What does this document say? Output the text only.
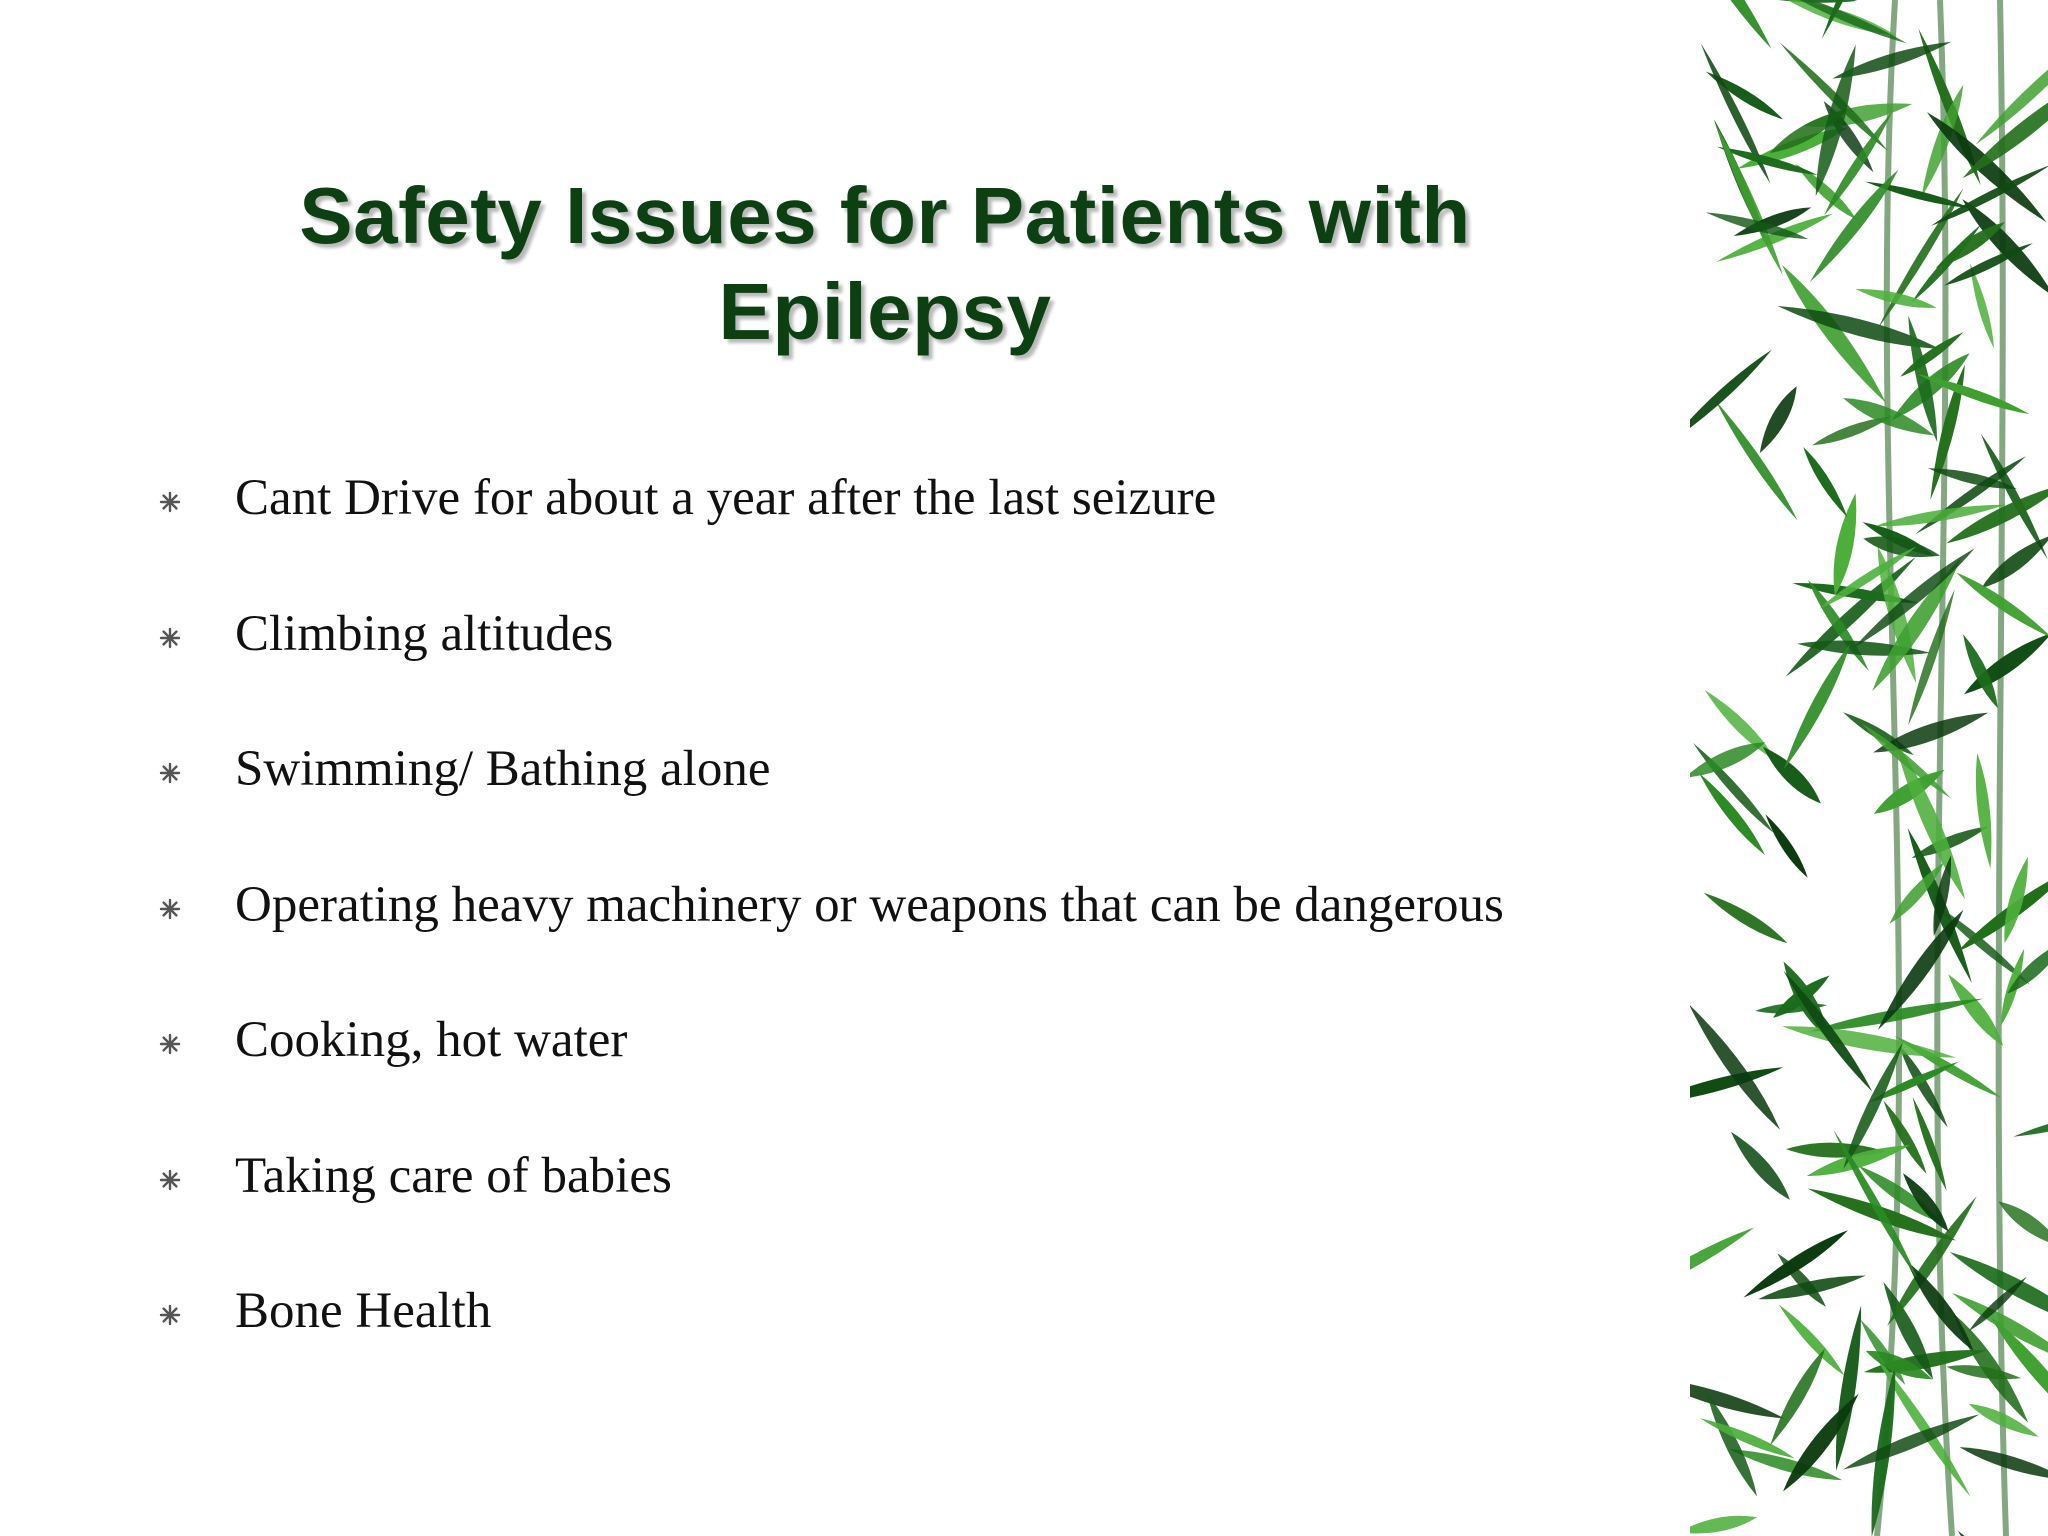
Safety Issues for Patients with
Epilepsy
Cant Drive for about a year after the last seizure
Climbing altitudes
Swimming/ Bathing alone
Operating heavy machinery or weapons that can be dangerous
Cooking, hot water
Taking care of babies
Bone Health
